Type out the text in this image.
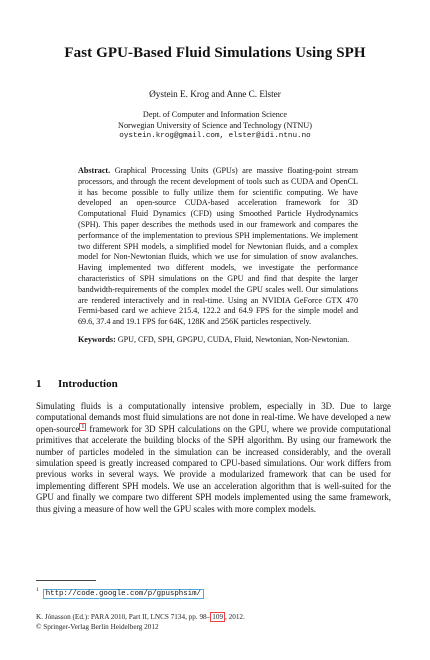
Fast GPU-Based Fluid Simulations Using SPH
Øystein E. Krog and Anne C. Elster
Dept. of Computer and Information Science
Norwegian University of Science and Technology (NTNU)
oystein.krog@gmail.com, elster@idi.ntnu.no
Abstract. Graphical Processing Units (GPUs) are massive floating-point stream processors, and through the recent development of tools such as CUDA and OpenCL it has become possible to fully utilize them for scientific computing. We have developed an open-source CUDA-based acceleration framework for 3D Computational Fluid Dynamics (CFD) using Smoothed Particle Hydrodynamics (SPH). This paper describes the methods used in our framework and compares the performance of the implementation to previous SPH implementations. We implement two different SPH models, a simplified model for Newtonian fluids, and a complex model for Non-Newtonian fluids, which we use for simulation of snow avalanches. Having implemented two different models, we investigate the performance characteristics of SPH simulations on the GPU and find that despite the larger bandwidth-requirements of the complex model the GPU scales well. Our simulations are rendered interactively and in real-time. Using an NVIDIA GeForce GTX 470 Fermi-based card we achieve 215.4, 122.2 and 64.9 FPS for the simple model and 69.6, 37.4 and 19.1 FPS for 64K, 128K and 256K particles respectively.
Keywords: GPU, CFD, SPH, GPGPU, CUDA, Fluid, Newtonian, Non-Newtonian.
1 Introduction
Simulating fluids is a computationally intensive problem, especially in 3D. Due to large computational demands most fluid simulations are not done in real-time. We have developed a new open-source $^1$ framework for 3D SPH calculations on the GPU, where we provide computational primitives that accelerate the building blocks of the SPH algorithm. By using our framework the number of particles modeled in the simulation can be increased considerably, and the overall simulation speed is greatly increased compared to CPU-based simulations. Our work differs from previous works in several ways. We provide a modularized framework that can be used for implementing different SPH models. We use an acceleration algorithm that is well-suited for the GPU and finally we compare two different SPH models implemented using the same framework, thus giving a measure of how well the GPU scales with more complex models.
$^1$ http://code.google.com/p/gpusphsim/
K. Jónasson (Ed.): PARA 2010, Part II, LNCS 7134, pp. 98– 109 , 2012.
© Springer-Verlag Berlin Heidelberg 2012
